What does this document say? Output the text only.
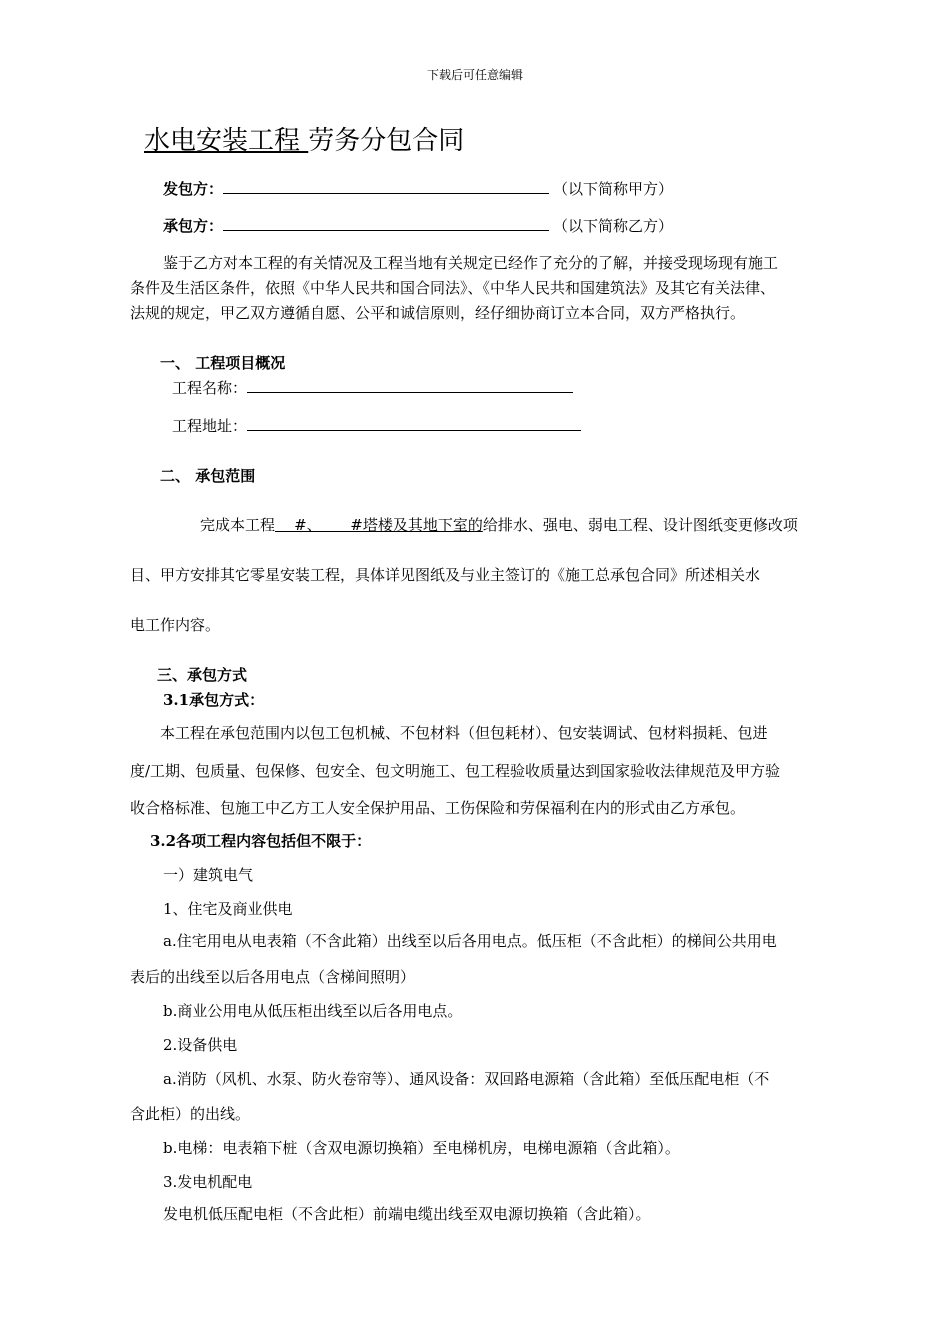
下载后可任意编辑
水电安装工程 劳务分包合同
发包方：	（以下简称甲方）
承包方：	（以下简称乙方）
鉴于乙方对本工程的有关情况及工程当地有关规定已经作了充分的了解，并接受现场现有施工
条件及生活区条件，依照《中华人民共和国合同法》、《中华人民共和国建筑法》及其它有关法律、
法规的规定，甲乙双方遵循自愿、公平和诚信原则，经仔细协商订立本合同，双方严格执行。
一、 工程项目概况
工程名称：
工程地址：
二、 承包范围
完成本工程    #、      #塔楼及其地下室的给排水、强电、弱电工程、设计图纸变更修改项
目、甲方安排其它零星安装工程，具体详见图纸及与业主签订的《施工总承包合同》所述相关水
电工作内容。
三、承包方式
3.1承包方式：
本工程在承包范围内以包工包机械、不包材料（但包耗材）、包安装调试、包材料损耗、包进
度/工期、包质量、包保修、包安全、包文明施工、包工程验收质量达到国家验收法律规范及甲方验
收合格标准、包施工中乙方工人安全保护用品、工伤保险和劳保福利在内的形式由乙方承包。
3.2各项工程内容包括但不限于：
一）建筑电气
1、住宅及商业供电
a.住宅用电从电表箱（不含此箱）出线至以后各用电点。低压柜（不含此柜）的梯间公共用电
表后的出线至以后各用电点（含梯间照明）
b.商业公用电从低压柜出线至以后各用电点。
2.设备供电
a.消防（风机、水泵、防火卷帘等）、通风设备：双回路电源箱（含此箱）至低压配电柜（不
含此柜）的出线。
b.电梯：电表箱下桩（含双电源切换箱）至电梯机房，电梯电源箱（含此箱）。
3.发电机配电
发电机低压配电柜（不含此柜）前端电缆出线至双电源切换箱（含此箱）。
